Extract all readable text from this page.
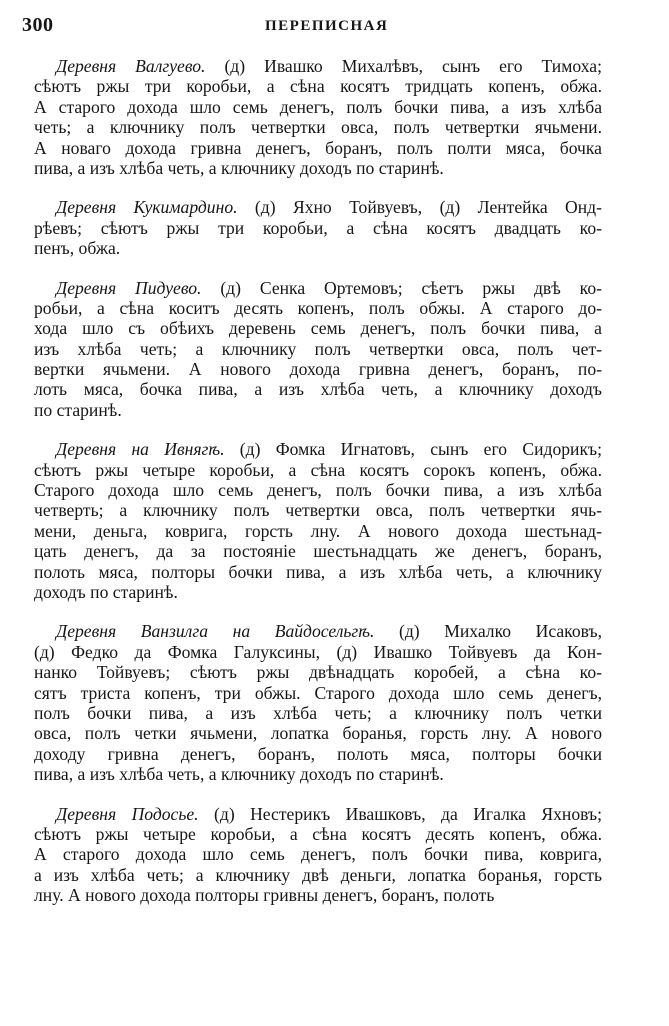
300	ПЕРЕПИСНАЯ
Деревня Валгуево. (д) Ивашко Михалѣвъ, сынъ его Тимоха;
сѣютъ ржы три коробьи, а сѣна косятъ тридцать копенъ, обжа.
А старого дохода шло семь денегъ, полъ бочки пива, а изъ хлѣба
четь; а ключнику полъ четвертки овса, полъ четвертки ячьмени.
А новаго дохода гривна денегъ, боранъ, полъ полти мяса, бочка
пива, а изъ хлѣба четь, а ключнику доходъ по старинѣ.
Деревня Кукимардино. (д) Яхно Тойвуевъ, (д) Лентейка Онд-
рѣевъ; сѣютъ ржы три коробьи, а сѣна косятъ двадцать ко-
пенъ, обжа.
Деревня Пидуево. (д) Сенка Ортемовъ; сѣетъ ржы двѣ ко-
робьи, а сѣна коситъ десять копенъ, полъ обжы. А старого до-
хода шло съ обѣихъ деревень семь денегъ, полъ бочки пива, а
изъ хлѣба четь; а ключнику полъ четвертки овса, полъ чет-
вертки ячьмени. А нового дохода гривна денегъ, боранъ, по-
лоть мяса, бочка пива, а изъ хлѣба четь, а ключнику доходъ
по старинѣ.
Деревня на Ивнягѣ. (д) Фомка Игнатовъ, сынъ его Сидорикъ;
сѣютъ ржы четыре коробьи, а сѣна косятъ сорокъ копенъ, обжа.
Старого дохода шло семь денегъ, полъ бочки пива, а изъ хлѣба
четверть; а ключнику полъ четвертки овса, полъ четвертки ячь-
мени, деньга, коврига, горсть лну. А нового дохода шестьнад-
цать денегъ, да за постояніе шестьнадцать же денегъ, боранъ,
полоть мяса, полторы бочки пива, а изъ хлѣба четь, а ключнику
доходъ по старинѣ.
Деревня Ванзилга на Вайдосельгѣ. (д) Михалко Исаковъ,
(д) Федко да Фомка Галуксины, (д) Ивашко Тойвуевъ да Кон-
нанко Тойвуевъ; сѣютъ ржы двѣнадцать коробей, а сѣна ко-
сятъ триста копенъ, три обжы. Старого дохода шло семь денегъ,
полъ бочки пива, а изъ хлѣба четь; а ключнику полъ четки
овса, полъ четки ячьмени, лопатка боранья, горсть лну. А нового
доходу гривна денегъ, боранъ, полоть мяса, полторы бочки
пива, а изъ хлѣба четь, а ключнику доходъ по старинѣ.
Деревня Подосье. (д) Нестерикъ Ивашковъ, да Игалка Яхновъ;
сѣютъ ржы четыре коробьи, а сѣна косятъ десять копенъ, обжа.
А старого дохода шло семь денегъ, полъ бочки пива, коврига,
а изъ хлѣба четь; а ключнику двѣ деньги, лопатка боранья, горсть
лну. А нового дохода полторы гривны денегъ, боранъ, полоть
